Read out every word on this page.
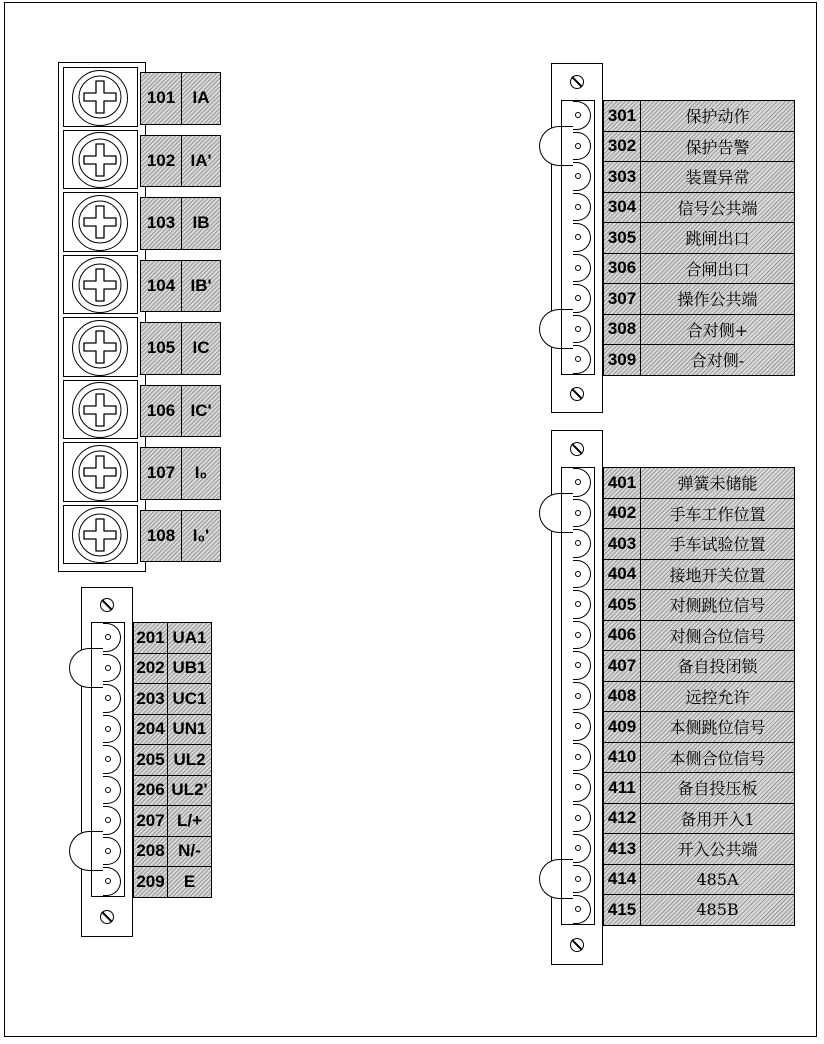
101	IA
102 IA'
103	IB
104 IB'
105	IC
106 IC'
107	I₀
108	I₀'
201 UA1
202 UB1
203 UC1
204 UN1
205 UL2
206 UL2'
207 L/+
208 N/-
209	E
301	保护动作
302	保护告警
303	装置异常
304	信号公共端
305	跳闸出口
306	合闸出口
307	操作公共端
308	合对侧+
309	合对侧-
401	弹簧未储能
402	手车工作位置
403	手车试验位置
404	接地开关位置
405	对侧跳位信号
406	对侧合位信号
407	备自投闭锁
408	远控允许
409	本侧跳位信号
410	本侧合位信号
411	备自投压板
412	备用开入1
413	开入公共端
414	485A
415	485B
